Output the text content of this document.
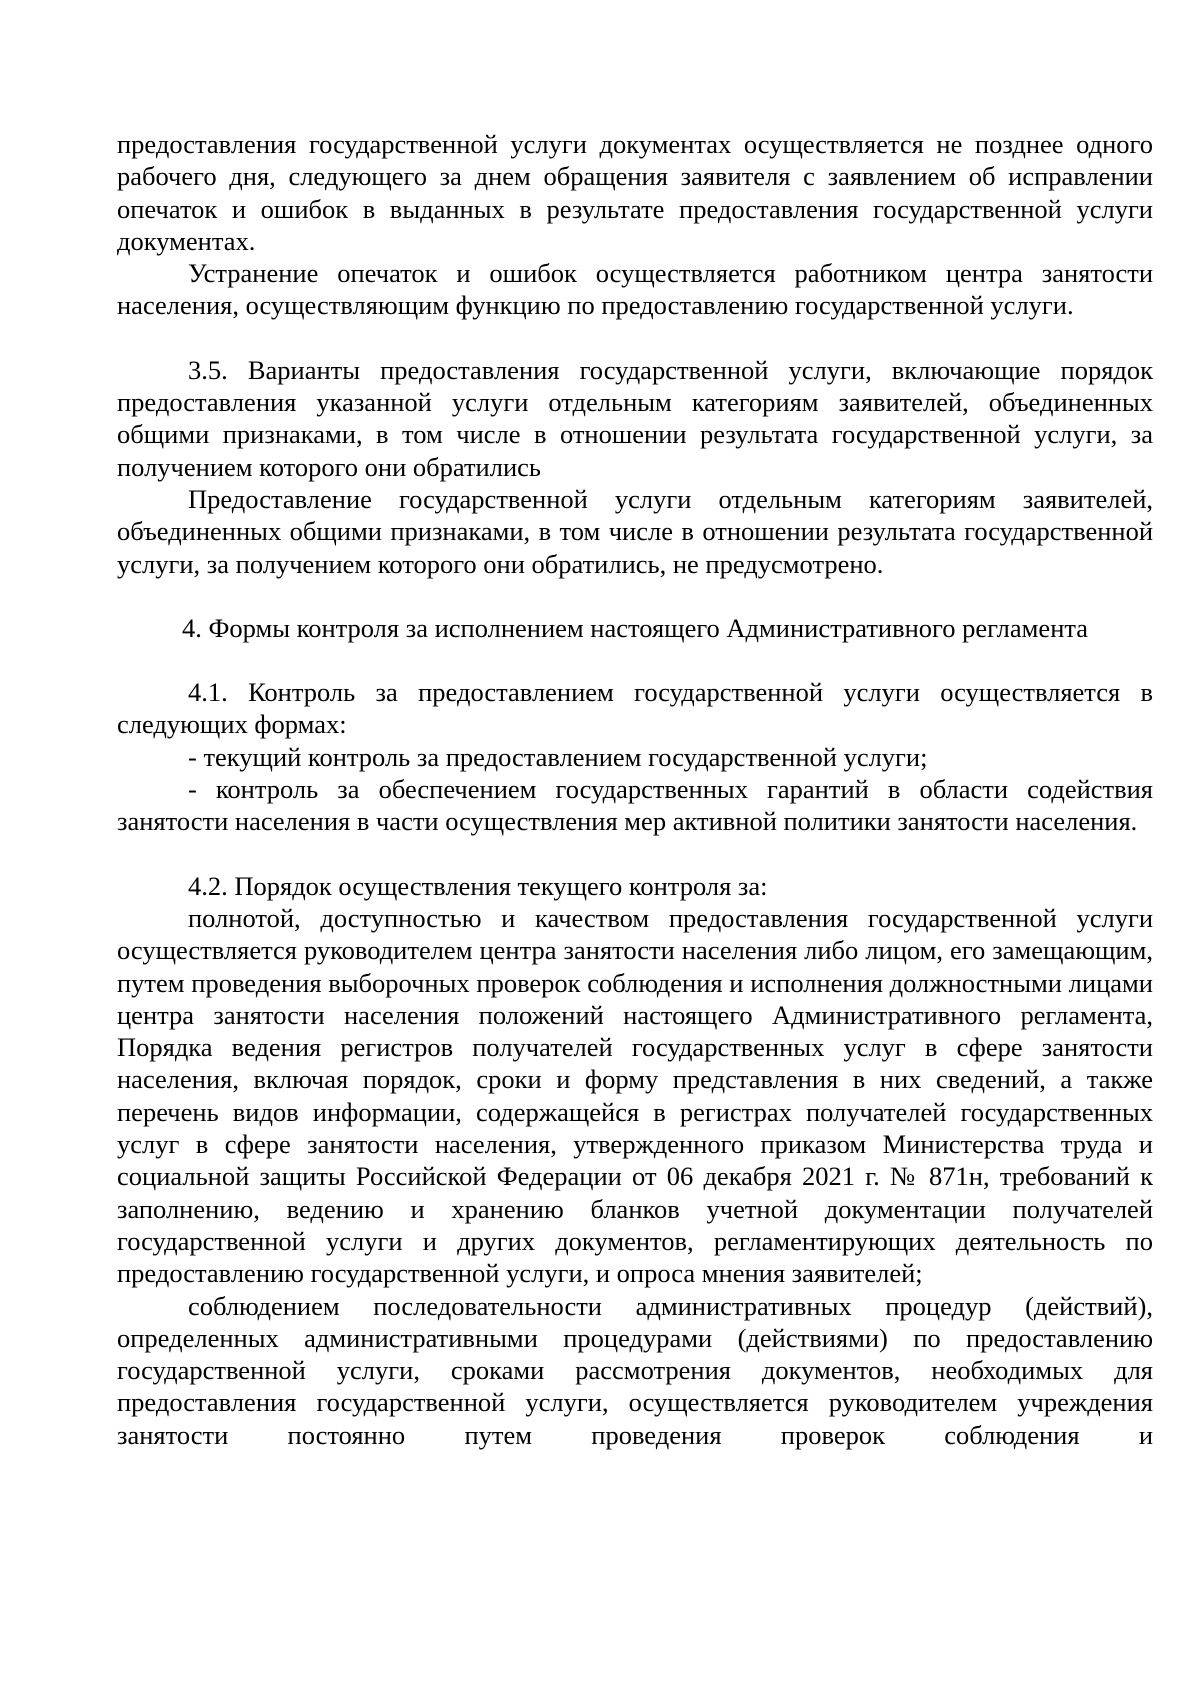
предоставления государственной услуги документах осуществляется не позднее одного рабочего дня, следующего за днем обращения заявителя с заявлением об исправлении опечаток и ошибок в выданных в результате предоставления государственной услуги документах.

Устранение опечаток и ошибок осуществляется работником центра занятости населения, осуществляющим функцию по предоставлению государственной услуги.

3.5. Варианты предоставления государственной услуги, включающие порядок предоставления указанной услуги отдельным категориям заявителей, объединенных общими признаками, в том числе в отношении результата государственной услуги, за получением которого они обратились

Предоставление государственной услуги отдельным категориям заявителей, объединенных общими признаками, в том числе в отношении результата государственной услуги, за получением которого они обратились, не предусмотрено.

4. Формы контроля за исполнением настоящего Административного регламента

4.1. Контроль за предоставлением государственной услуги осуществляется в следующих формах:

- текущий контроль за предоставлением государственной услуги;

- контроль за обеспечением государственных гарантий в области содействия занятости населения в части осуществления мер активной политики занятости населения.

4.2. Порядок осуществления текущего контроля за:

полнотой, доступностью и качеством предоставления государственной услуги осуществляется руководителем центра занятости населения либо лицом, его замещающим, путем проведения выборочных проверок соблюдения и исполнения должностными лицами центра занятости населения положений настоящего Административного регламента, Порядка ведения регистров получателей государственных услуг в сфере занятости населения, включая порядок, сроки и форму представления в них сведений, а также перечень видов информации, содержащейся в регистрах получателей государственных услуг в сфере занятости населения, утвержденного приказом Министерства труда и социальной защиты Российской Федерации от 06 декабря 2021 г. № 871н, требований к заполнению, ведению и хранению бланков учетной документации получателей государственной услуги и других документов, регламентирующих деятельность по предоставлению государственной услуги, и опроса мнения заявителей;

соблюдением последовательности административных процедур (действий), определенных административными процедурами (действиями) по предоставлению государственной услуги, сроками рассмотрения документов, необходимых для предоставления государственной услуги, осуществляется руководителем учреждения занятости постоянно путем проведения проверок соблюдения и
